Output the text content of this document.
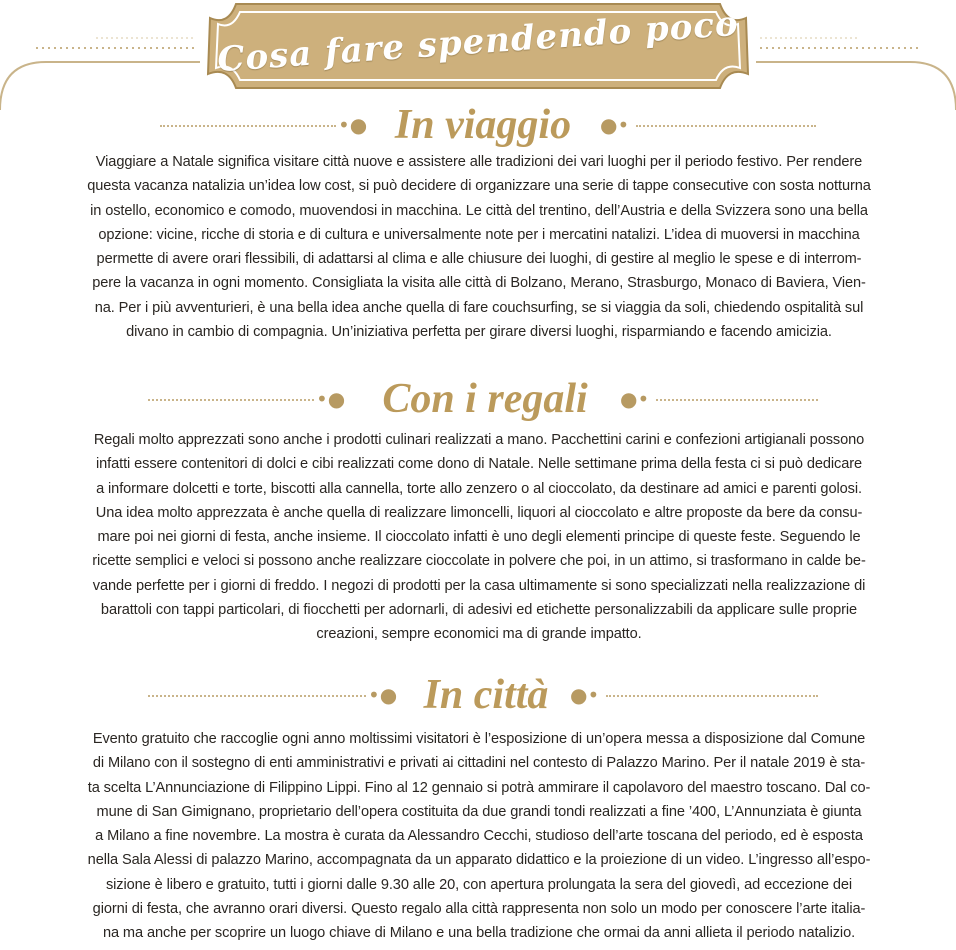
Cosa fare spendendo poco
•● In viaggio	●•
Viaggiare a Natale significa visitare città nuove e assistere alle tradizioni dei vari luoghi per il periodo festivo. Per rendere
questa vacanza natalizia un’idea low cost, si può decidere di organizzare una serie di tappe consecutive con sosta notturna
in ostello, economico e comodo, muovendosi in macchina. Le città del trentino, dell’Austria e della Svizzera sono una bella
opzione: vicine, ricche di storia e di cultura e universalmente note per i mercatini natalizi. L’idea di muoversi in macchina
permette di avere orari flessibili, di adattarsi al clima e alle chiusure dei luoghi, di gestire al meglio le spese e di interrom-
pere la vacanza in ogni momento. Consigliata la visita alle città di Bolzano, Merano, Strasburgo, Monaco di Baviera, Vien-
na. Per i più avventurieri, è una bella idea anche quella di fare couchsurfing, se si viaggia da soli, chiedendo ospitalità sul
divano in cambio di compagnia. Un’iniziativa perfetta per girare diversi luoghi, risparmiando e facendo amicizia.
•● Con i regali	●•
Regali molto apprezzati sono anche i prodotti culinari realizzati a mano. Pacchettini carini e confezioni artigianali possono
infatti essere contenitori di dolci e cibi realizzati come dono di Natale. Nelle settimane prima della festa ci si può dedicare
a informare dolcetti e torte, biscotti alla cannella, torte allo zenzero o al cioccolato, da destinare ad amici e parenti golosi.
Una idea molto apprezzata è anche quella di realizzare limoncelli, liquori al cioccolato e altre proposte da bere da consu-
mare poi nei giorni di festa, anche insieme. Il cioccolato infatti è uno degli elementi principe di queste feste. Seguendo le
ricette semplici e veloci si possono anche realizzare cioccolate in polvere che poi, in un attimo, si trasformano in calde be-
vande perfette per i giorni di freddo. I negozi di prodotti per la casa ultimamente si sono specializzati nella realizzazione di
barattoli con tappi particolari, di fiocchetti per adornarli, di adesivi ed etichette personalizzabili da applicare sulle proprie
creazioni, sempre economici ma di grande impatto.
•● In città	●•
Evento gratuito che raccoglie ogni anno moltissimi visitatori è l’esposizione di un’opera messa a disposizione dal Comune
di Milano con il sostegno di enti amministrativi e privati ai cittadini nel contesto di Palazzo Marino. Per il natale 2019 è sta-
ta scelta L’Annunciazione di Filippino Lippi. Fino al 12 gennaio si potrà ammirare il capolavoro del maestro toscano. Dal co-
mune di San Gimignano, proprietario dell’opera costituita da due grandi tondi realizzati a fine ’400, L’Annunziata è giunta
a Milano a fine novembre. La mostra è curata da Alessandro Cecchi, studioso dell’arte toscana del periodo, ed è esposta
nella Sala Alessi di palazzo Marino, accompagnata da un apparato didattico e la proiezione di un video. L’ingresso all’espo-
sizione è libero e gratuito, tutti i giorni dalle 9.30 alle 20, con apertura prolungata la sera del giovedì, ad eccezione dei
giorni di festa, che avranno orari diversi. Questo regalo alla città rappresenta non solo un modo per conoscere l’arte italia-
na ma anche per scoprire un luogo chiave di Milano e una bella tradizione che ormai da anni allieta il periodo natalizio.
